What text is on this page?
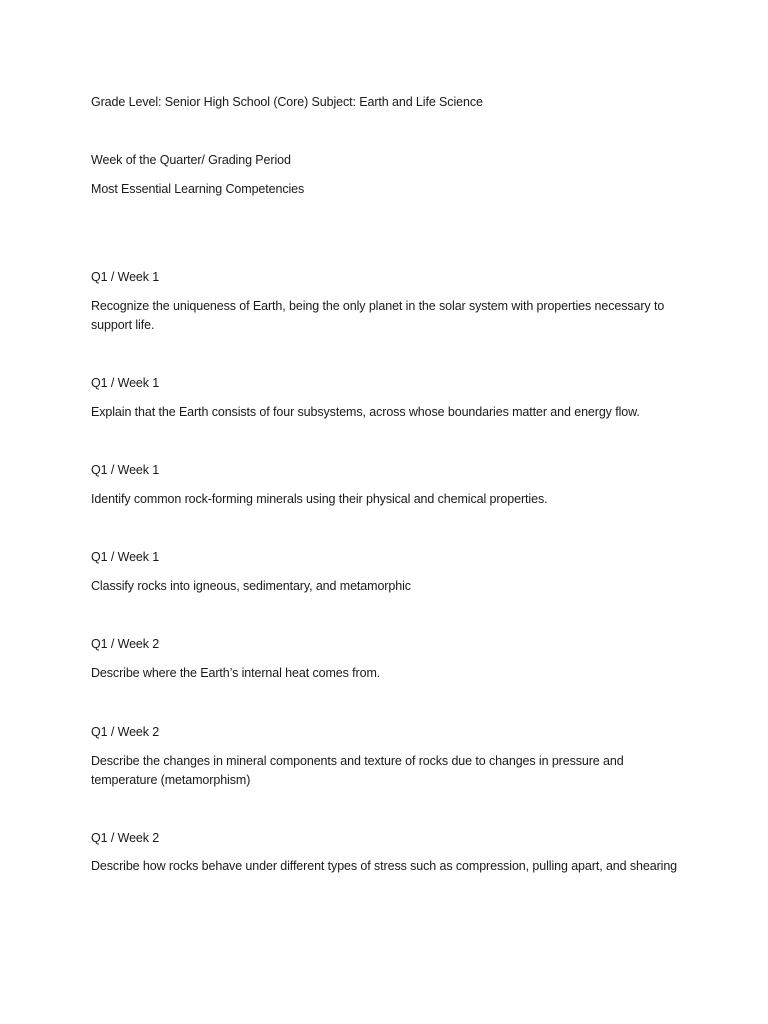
Grade Level: Senior High School (Core) Subject: Earth and Life Science
Week of the Quarter/ Grading Period
Most Essential Learning Competencies
Q1 / Week 1
Recognize the uniqueness of Earth, being the only planet in the solar system with properties necessary to support life.
Q1 / Week 1
Explain that the Earth consists of four subsystems, across whose boundaries matter and energy flow.
Q1 / Week 1
Identify common rock-forming minerals using their physical and chemical properties.
Q1 / Week 1
Classify rocks into igneous, sedimentary, and metamorphic
Q1 / Week 2
Describe where the Earth’s internal heat comes from.
Q1 / Week 2
Describe the changes in mineral components and texture of rocks due to changes in pressure and temperature (metamorphism)
Q1 / Week 2
Describe how rocks behave under different types of stress such as compression, pulling apart, and shearing
